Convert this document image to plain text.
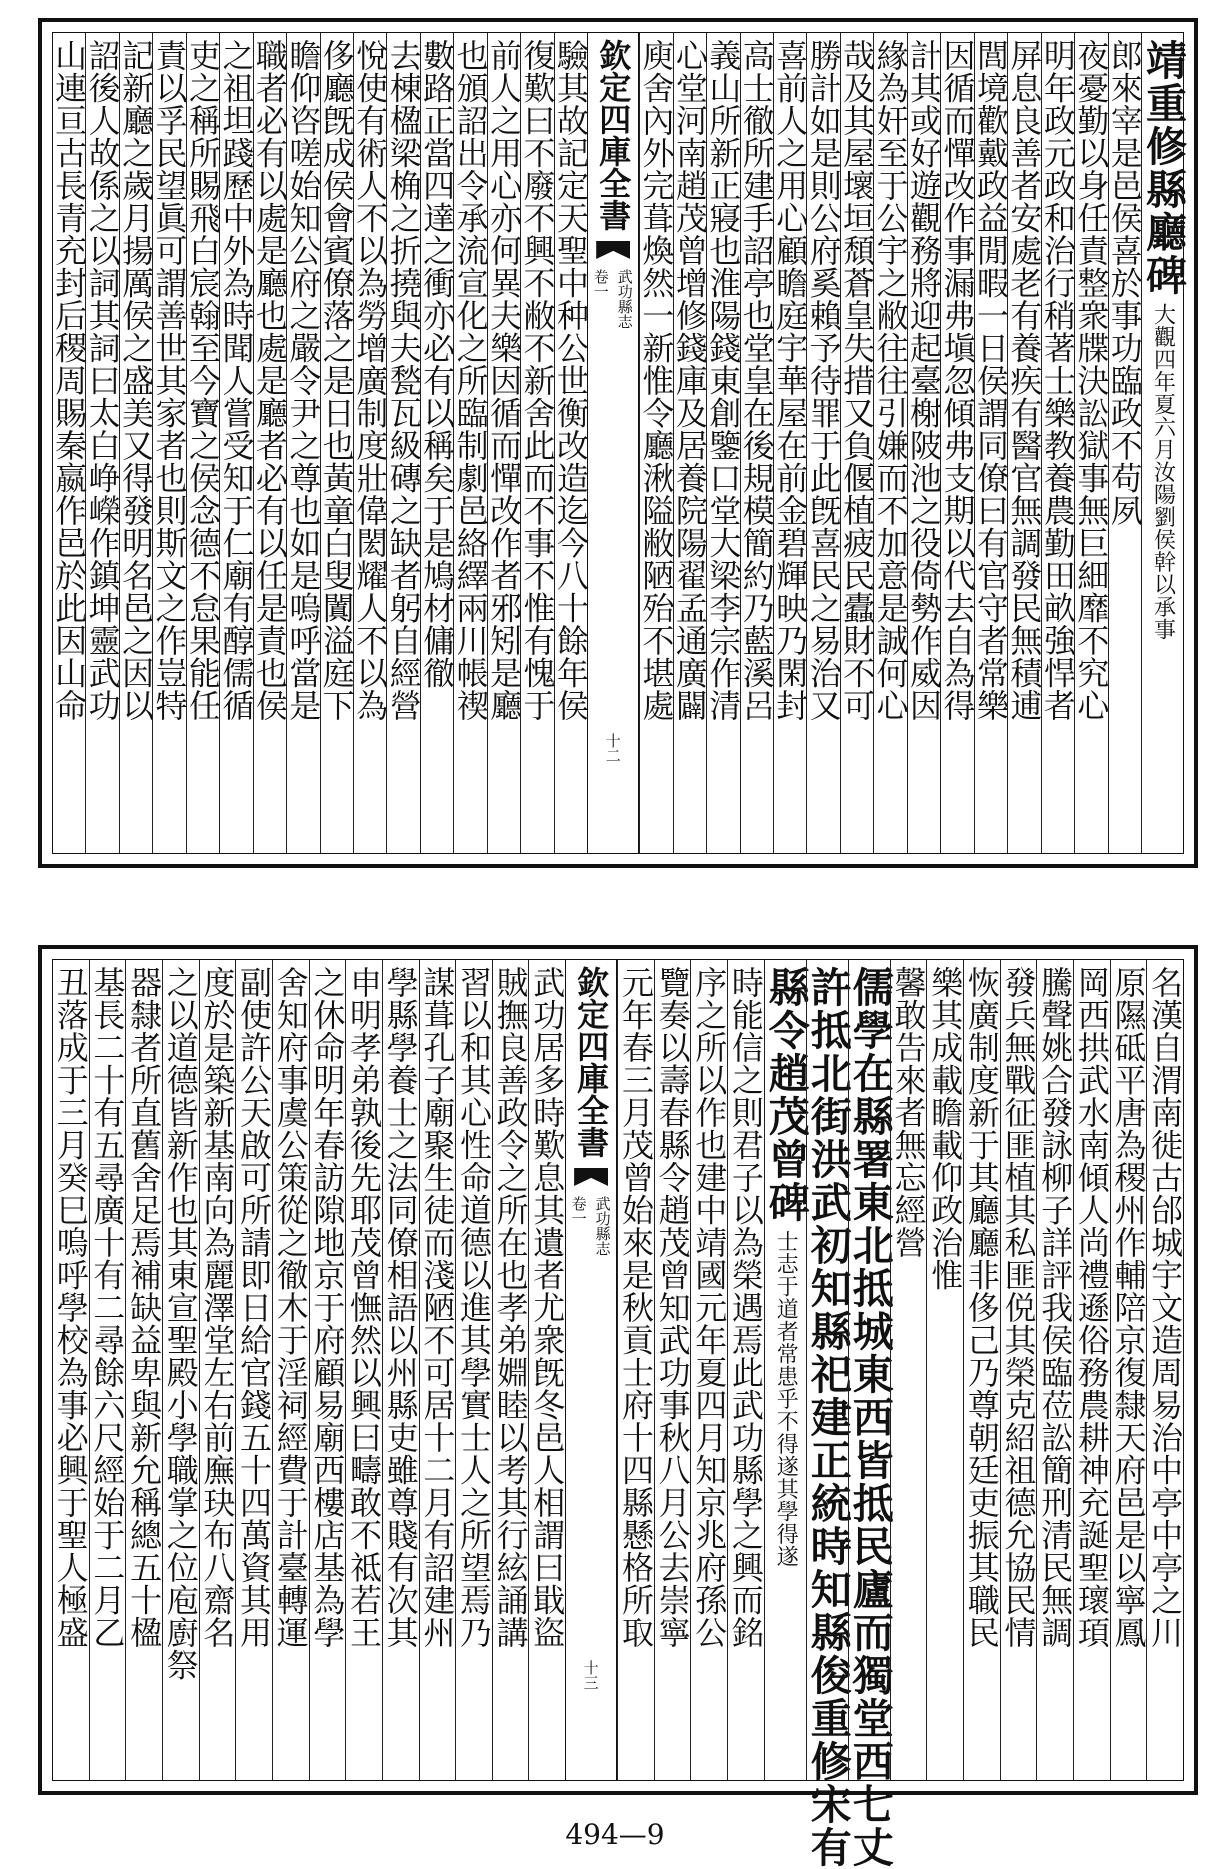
靖重修縣廳碑
大觀四年夏六月汝陽劉侯幹以承事
郎來宰是邑侯喜於事功臨政不苟夙
夜憂勤以身任責整衆牒決訟獄事無巨細靡不究心
明年政元政和治行稍著士樂教養農勤田畝強悍者
屏息良善者安處老有養疾有醫官無調發民無積逋
閭境歡戴政益閒暇一日侯謂同僚曰有官守者常樂
因循而憚改作事漏弗塡忽傾弗支期以代去自為得
計其或好遊觀務將迎起臺榭陂池之役倚勢作威因
緣為奸至于公宇之敝往往引嫌而不加意是誠何心
哉及其屋壞垣頹蒼皇失措又負偃植疲民蠹財不可
勝計如是則公府奚賴予待罪于此旣喜民之易治又
喜前人之用心顧瞻庭宇華屋在前金碧輝映乃閑封
高士徹所建手詔亭也堂皇在後規模簡約乃藍溪呂
義山所新正寢也淮陽錢東創鑒口堂大梁李宗作清
心堂河南趙茂曾增修錢庫及居養院陽翟孟通廣闢
庾舍內外完葺煥然一新惟令廳湫隘敝陋殆不堪處
欽定四庫全書
武功縣志
卷一
十二
驗其故記定天聖中种公世衡改造迄今八十餘年侯
復歎曰不廢不興不敝不新舍此而不事不惟有愧于
前人之用心亦何異夫樂因循而憚改作者邪矧是廳
也頒詔出令承流宣化之所臨制劇邑絡繹兩川帳禊
數路正當四達之衝亦必有以稱矣于是鳩材傭徹
去棟楹梁桷之折撓與夫甃瓦級磚之缺者躬自經營
悅使有術人不以為勞增廣制度壯偉閎耀人不以為
侈廳旣成侯會賓僚落之是日也黃童白叟闐溢庭下
瞻仰咨嗟始知公府之嚴令尹之尊也如是嗚呼當是
職者必有以處是廳也處是廳者必有以任是責也侯
之祖坦踐歷中外為時聞人嘗受知于仁廟有醇儒循
吏之稱所賜飛白宸翰至今寶之侯念德不怠果能任
責以孚民望眞可謂善世其家者也則斯文之作豈特
記新廳之歲月揚厲侯之盛美又得發明名邑之因以
詔後人故係之以詞其詞曰太白峥嶸作鎮坤靈武功
山連亘古長青充封后稷周賜秦嬴作邑於此因山命
名漢自渭南徙古邰城宇文造周易治中亭中亭之川
原隰砥平唐為稷州作輔陪京復隸天府邑是以寧鳳
岡西拱武水南傾人尚禮遜俗務農耕神充誕聖瓌頊
騰聲姚合發詠柳子詳評我侯臨莅訟簡刑清民無調
發兵無戰征匪植其私匪侻其榮克紹祖德允協民情
恢廣制度新于其廳廳非侈己乃尊朝廷吏振其職民
樂其成載瞻載仰政治惟
馨敢告來者無忘經營
儒學在縣署東北抵城東西皆抵民廬而獨堂西七丈
許抵北街洪武初知縣祀建正統時知縣俊重修宋有
縣令趙茂曾碑
士志于道者常患乎不得遂其學得遂
時能信之則君子以為榮遇焉此武功縣學之興而銘
序之所以作也建中靖國元年夏四月知京兆府孫公
覽奏以壽春縣令趙茂曾知武功事秋八月公去崇寧
元年春三月茂曾始來是秋貢士府十四縣懸格所取
欽定四庫全書
武功縣志
卷一
十三
武功居多時歎息其遺者尤衆旣冬邑人相謂曰戢盜
賊撫良善政令之所在也孝弟婣睦以考其行絃誦講
習以和其心性命道德以進其學實士人之所望焉乃
謀葺孔子廟聚生徒而淺陋不可居十二月有詔建州
學縣學養士之法同僚相語以州縣吏雖尊賤有次其
申明孝弟孰後先耶茂曾憮然以興曰疇敢不祗若王
之休命明年春訪隙地京于府顧易廟西樓店基為學
舍知府事虞公策從之徹木于淫祠經費于計臺轉運
副使許公天啟可所請即日給官錢五十四萬資其用
度於是築新基南向為麗澤堂左右前廡玦布八齋名
之以道德皆新作也其東宣聖殿小學職掌之位庖廚祭
器隸者所直舊舍足焉補缺益卑與新允稱總五十楹
基長二十有五尋廣十有二尋餘六尺經始于二月乙
丑落成于三月癸巳嗚呼學校為事必興于聖人極盛
494—9
